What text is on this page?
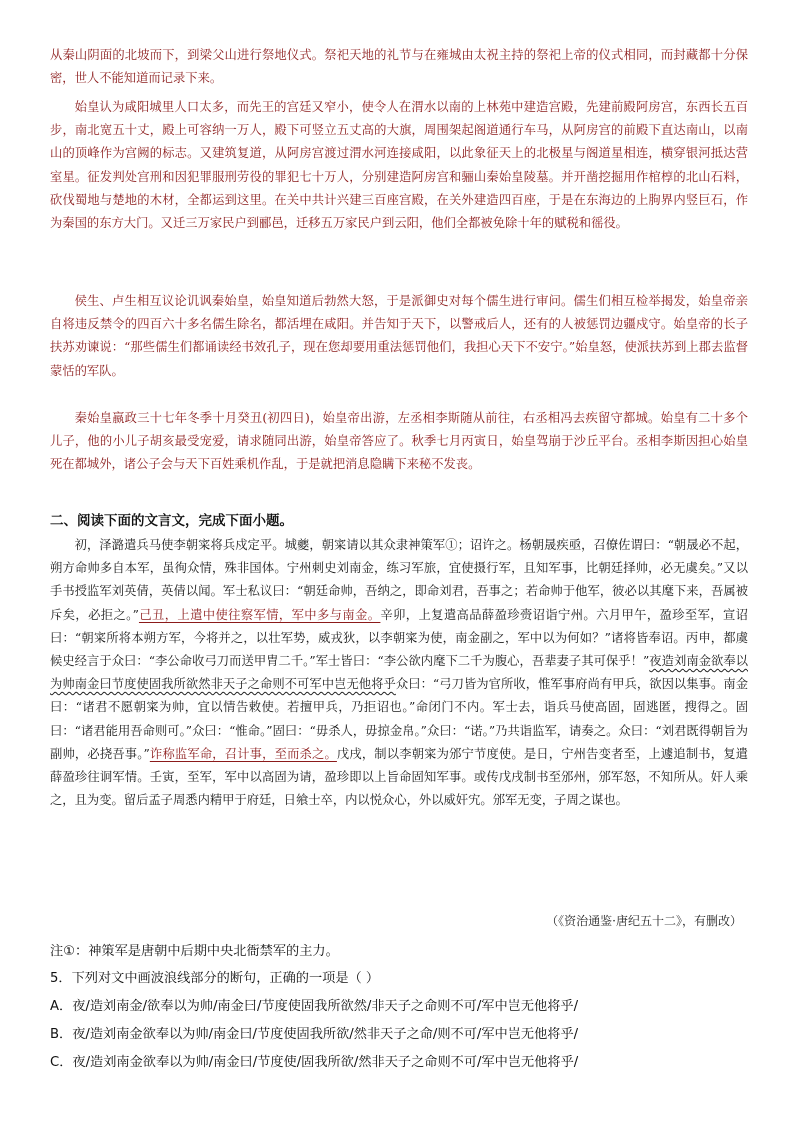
从秦山阴面的北坡而下，到梁父山进行祭地仪式。祭祀天地的礼节与在雍城由太祝主持的祭祀上帝的仪式相同，而封藏都十分保密，世人不能知道而记录下来。

始皇认为咸阳城里人口太多，而先王的宫廷又窄小，使令人在渭水以南的上林苑中建造宫殿，先建前殿阿房宫，东西长五百步，南北宽五十丈，殿上可容纳一万人，殿下可竖立五丈高的大旗，周围架起阁道通行车马，从阿房宫的前殿下直达南山，以南山的顶峰作为宫阙的标志。又建筑复道，从阿房宫渡过渭水河连接咸阳，以此象征天上的北极星与阁道星相连，横穿银河抵达营室星。征发判处宫刑和因犯罪服刑劳役的罪犯七十万人，分别建造阿房宫和骊山秦始皇陵墓。并开凿挖掘用作棺椁的北山石料，砍伐蜀地与楚地的木材，全都运到这里。在关中共计兴建三百座宫殿，在关外建造四百座，于是在东海边的上朐界内竖巨石，作为秦国的东方大门。又迁三万家民户到郦邑，迁移五万家民户到云阳，他们全都被免除十年的赋税和徭役。

侯生、卢生相互议论讥讽秦始皇，始皇知道后勃然大怒，于是派御史对每个儒生进行审问。儒生们相互检举揭发，始皇帝亲自将违反禁令的四百六十多名儒生除名，都活埋在咸阳。并告知于天下，以警戒后人，还有的人被惩罚边疆戍守。始皇帝的长子扶苏劝谏说：“那些儒生们都诵读经书效孔子，现在您却要用重法惩罚他们，我担心天下不安宁。”始皇怒，使派扶苏到上郡去监督蒙恬的军队。

秦始皇嬴政三十七年冬季十月癸丑(初四日)，始皇帝出游，左丞相李斯随从前往，右丞相冯去疾留守都城。始皇有二十多个儿子，他的小儿子胡亥最受宠爱，请求随同出游，始皇帝答应了。秋季七月丙寅日，始皇驾崩于沙丘平台。丞相李斯因担心始皇死在都城外，诸公子会与天下百姓乘机作乱，于是就把消息隐瞒下来秘不发丧。

二、阅读下面的文言文，完成下面小题。

初，泽潞遣兵马使李朝寀将兵戍定平。城夔，朝寀请以其众隶神策军①；诏许之。杨朝晟疾亟，召僚佐谓曰：“朝晟必不起，朔方命帅多自本军，虽徇众情，殊非国体。宁州刺史刘南金，练习军旅，宜使摄行军，且知军事，比朝廷择帅，必无虞矣。”又以手书授监军刘英倩，英倩以闻。军士私议曰：“朝廷命帅，吾纳之，即命刘君，吾事之；若命帅于他军，彼必以其麾下来，吾属被斥矣，必拒之。”己丑，上遣中使往察军情，军中多与南金。辛卯，上复遣高品薛盈珍赍诏诣宁州。六月甲午，盈珍至军，宣诏曰：“朝寀所将本朔方军，今将并之，以壮军势，威戎狄，以李朝寀为使，南金副之，军中以为何如？”诸将皆奉诏。丙申，都虞候史经言于众曰：“李公命收弓刀而送甲胄二千。”军士皆曰：“李公欲内麾下二千为腹心，吾辈妻子其可保乎！”夜造刘南金欲奉以为帅南金曰节度使固我所欲然非天子之命则不可军中岂无他将乎众曰：“弓刀皆为官所收，惟军事府尚有甲兵，欲因以集事。南金曰：“诸君不愿朝寀为帅，宜以情告敕使。若擅甲兵，乃拒诏也。”命闭门不内。军士去，诣兵马使高固，固逃匿，搜得之。固曰：“诸君能用吾命则可。”众曰：“惟命。”固曰：“毋杀人，毋掠金帛。”众曰：“诺。”乃共诣监军，请奏之。众曰：“刘君既得朝旨为副帅，必挠吾事。”诈称监军命，召计事，至而杀之。戊戌，制以李朝寀为邠宁节度使。是日，宁州告变者至，上遽追制书，复遣薛盈珍往诇军情。壬寅，至军，军中以高固为请，盈珍即以上旨命固知军事。或传戊戌制书至邠州，邠军怒，不知所从。奸人乘之，且为变。留后孟子周悉内精甲于府廷，日飨士卒，内以悦众心，外以威奸宄。邠军无变，子周之谋也。

（《资治通鉴·唐纪五十二》，有删改）
注①：神策军是唐朝中后期中央北衙禁军的主力。
5．下列对文中画波浪线部分的断句，正确的一项是（ ）
A．夜/造刘南金/欲奉以为帅/南金曰/节度使固我所欲然/非天子之命则不可/军中岂无他将乎/
B．夜/造刘南金欲奉以为帅/南金曰/节度使固我所欲/然非天子之命/则不可/军中岂无他将乎/
C．夜/造刘南金欲奉以为帅/南金曰/节度使/固我所欲/然非天子之命则不可/军中岂无他将乎/
